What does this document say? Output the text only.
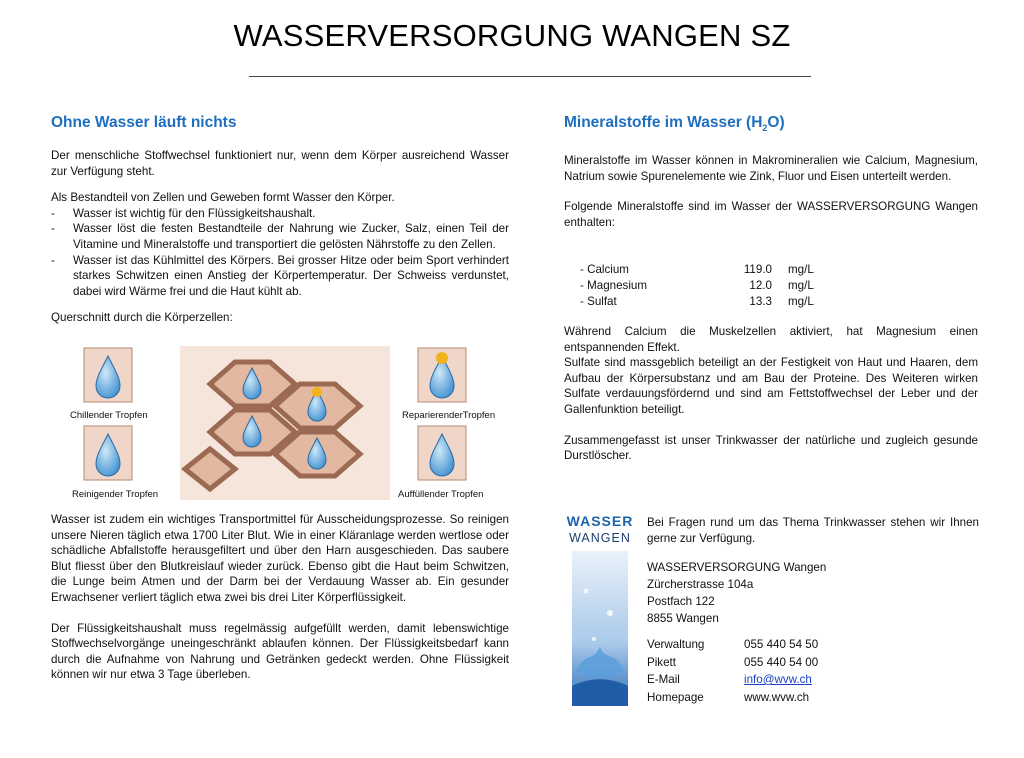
WASSERVERSORGUNG WANGEN SZ
Ohne Wasser läuft nichts

Der menschliche Stoffwechsel funktioniert nur, wenn dem Körper ausreichend Wasser zur Verfügung steht.

Als Bestandteil von Zellen und Geweben formt Wasser den Körper.

- Wasser ist wichtig für den Flüssigkeitshaushalt.
- Wasser löst die festen Bestandteile der Nahrung wie Zucker, Salz, einen Teil der Vitamine und Mineralstoffe und transportiert die gelösten Nährstoffe zu den Zellen.
- Wasser ist das Kühlmittel des Körpers. Bei grosser Hitze oder beim Sport verhindert starkes Schwitzen einen Anstieg der Körpertemperatur. Der Schweiss verdunstet, dabei wird Wärme frei und die Haut kühlt ab.

Querschnitt durch die Körperzellen:

Chillender Tropfen	ReparierenderTropfen
Reinigender Tropfen	Auffüllender Tropfen

Wasser ist zudem ein wichtiges Transportmittel für Ausscheidungsprozesse. So reinigen unsere Nieren täglich etwa 1700 Liter Blut. Wie in einer Kläranlage werden wertlose oder schädliche Abfallstoffe herausgefiltert und über den Harn ausgeschieden. Das saubere Blut fliesst über den Blutkreislauf wieder zurück. Ebenso gibt die Haut beim Schwitzen, die Lunge beim Atmen und der Darm bei der Verdauung Wasser ab. Ein gesunder Erwachsener verliert täglich etwa zwei bis drei Liter Körperflüssigkeit.

Der Flüssigkeitshaushalt muss regelmässig aufgefüllt werden, damit lebenswichtige Stoffwechselvorgänge uneingeschränkt ablaufen können. Der Flüssigkeitsbedarf kann durch die Aufnahme von Nahrung und Getränken gedeckt werden. Ohne Flüssigkeit können wir nur etwa 3 Tage überleben.

Mineralstoffe im Wasser $(H_2O)$

Mineralstoffe im Wasser können in Makromineralien wie Calcium, Magnesium, Natrium sowie Spurenelemente wie Zink, Fluor und Eisen unterteilt werden.

Folgende Mineralstoffe sind im Wasser der WASSERVERSORGUNG Wangen enthalten:

- Calcium	119.0 mg/L
- Magnesium	12.0 mg/L
- Sulfat	13.3 mg/L

Während Calcium die Muskelzellen aktiviert, hat Magnesium einen entspannenden Effekt.

Sulfate sind massgeblich beteiligt an der Festigkeit von Haut und Haaren, dem Aufbau der Körpersubstanz und am Bau der Proteine. Des Weiteren wirken Sulfate verdauungsfördernd und sind am Fettstoffwechsel der Leber und der Gallenfunktion beteiligt.

Zusammengefasst ist unser Trinkwasser der natürliche und zugleich gesunde Durstlöscher.

WASSER
WANGEN

Bei Fragen rund um das Thema Trinkwasser stehen wir Ihnen gerne zur Verfügung.

WASSERVERSORGUNG Wangen
Zürcherstrasse 104a
Postfach 122
8855 Wangen
Verwaltung	055 440 54 50
Pikett	055 440 54 00
E-Mail	info@wvw.ch
Homepage	www.wvw.ch
